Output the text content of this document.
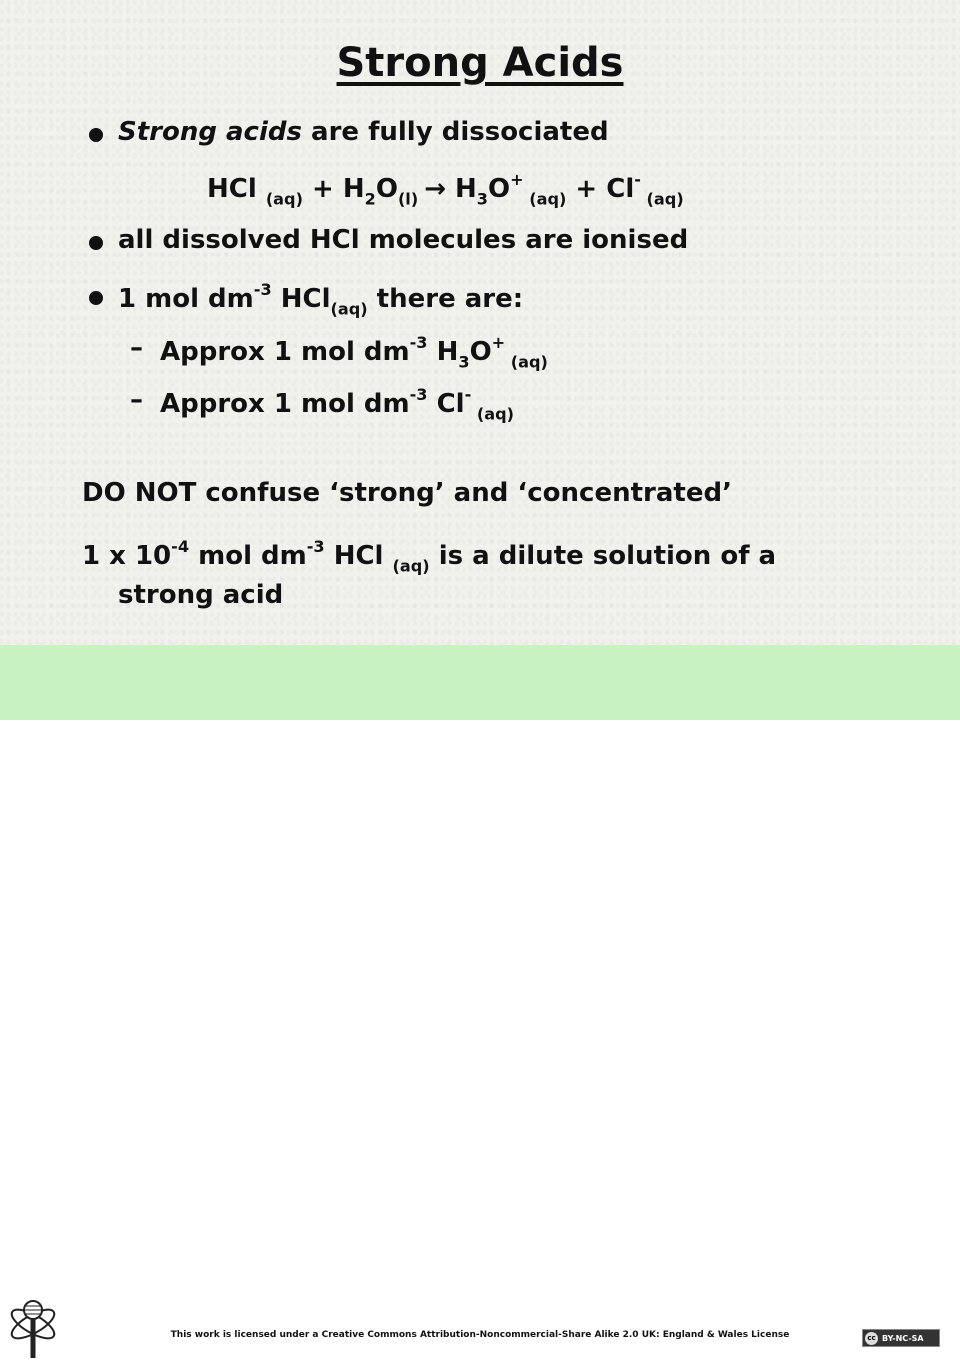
Strong Acids
Strong acids are fully dissociated
HCl $_{(aq)} + H_2O_{(l)} \to H_3O^+$ $_{(aq)}$ + Cl- $_{(aq)}$
all dissolved HCl molecules are ionised
1 mol $dm^{-3}$ HCl$_{(aq)}$ there are:
– Approx 1 mol $dm^{-3}$ $H_3O^+$ $_{(aq)}$
– Approx 1 mol $dm^{-3}$ Cl- $_{(aq)}$
DO NOT confuse ‘strong’ and ‘concentrated’
1 x $10^{-4}$ mol $dm^{-3}$ HCl $_{(aq)}$ is a dilute solution of a
strong acid
This work is licensed under a Creative Commons Attribution-Noncommercial-Share Alike 2.0 UK: England & Wales License	cc BY-NC-SA
